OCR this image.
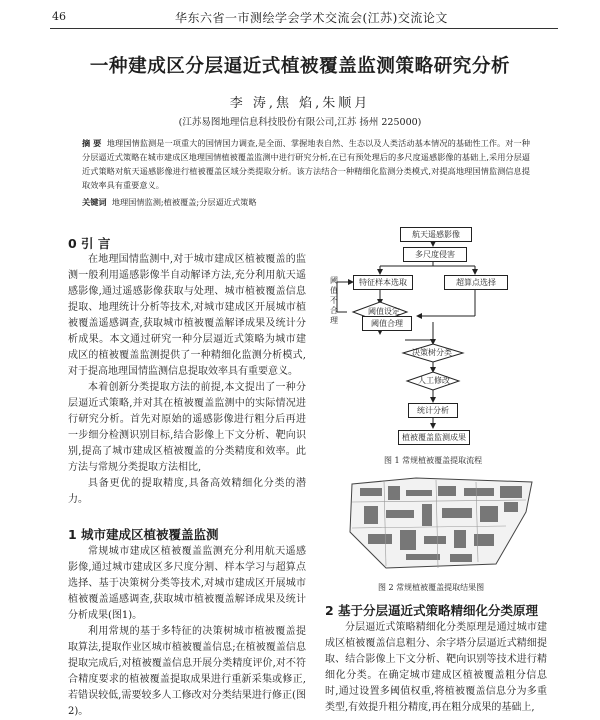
46	华东六省一市测绘学会学术交流会(江苏)交流论文
一种建成区分层逼近式植被覆盖监测策略研究分析
李 涛,焦 焰,朱顺月
(江苏易图地理信息科技股份有限公司,江苏 扬州 225000)
摘 要 地理国情监测是一项重大的国情国力调查,是全面、掌握地表自然、生态以及人类活动基本情况的基础性工作。对一种分层逼近式策略在城市建成区地理国情植被覆盖监测中进行研究分析,在已有预处理后的多尺度遥感影像的基础上,采用分层逼近式策略对航天遥感影像进行植被覆盖区域分类提取分析。该方法结合一种精细化监测分类模式,对提高地理国情监测信息提取效率具有重要意义。
关键词 地理国情监测;植被覆盖;分层逼近式策略
0 引 言

在地理国情监测中,对于城市建成区植被覆盖的监测一般利用遥感影像半自动解译方法,充分利用航天遥感影像,通过遥感影像获取与处理、城市植被覆盖信息提取、地理统计分析等技术,对城市建成区开展城市植被覆盖遥感调查,获取城市植被覆盖解译成果及统计分析成果。本文通过研究一种分层逼近式策略为城市建成区的植被覆盖监测提供了一种精细化监测分析模式,对于提高地理国情监测信息提取效率具有重要意义。

本着创新分类提取方法的前提,本文提出了一种分层逼近式策略,并对其在植被覆盖监测中的实际情况进行研究分析。首先对原始的遥感影像进行粗分后再进一步细分检测识别目标,结合影像上下文分析、靶向识别,提高了城市建成区植被覆盖的分类精度和效率。此方法与常规分类提取方法相比,

具备更优的提取精度,具备高效精细化分类的潜力。

1 城市建成区植被覆盖监测

常规城市建成区植被覆盖监测充分利用航天遥感影像,通过城市建成区多尺度分割、样本学习与超算点选择、基于决策树分类等技术,对城市建成区开展城市植被覆盖遥感调查,获取城市植被覆盖解译成果及统计分析成果(图1)。

利用常规的基于多特征的决策树城市植被覆盖提取算法,提取作业区城市植被覆盖信息;在植被覆盖信息提取完成后,对植被覆盖信息开展分类精度评价,对不符合精度要求的植被覆盖提取成果进行重新采集或修正,若错误较低,需要较多人工修改对分类结果进行修正(图2)。

航天遥感影像
多尺度侵害
特征样本选取	超算点选择
阈值设定
阈值合理
阈值不合理
决策树分类
人工修改
统计分析
植被覆盖监测成果
图 1 常规植被覆盖提取流程
图 2 常规植被覆盖提取结果图
2 基于分层逼近式策略精细化分类原理

分层逼近式策略精细化分类原理是通过城市建成区植被覆盖信息粗分、余字塔分层逼近式精细提取、结合影像上下文分析、靶向识别等技术进行精细化分类。在确定城市建成区植被覆盖粗分信息时,通过设置多阈值权重,将植被覆盖信息分为多重类型,有效提升粗分精度,再在粗分成果的基础上,
